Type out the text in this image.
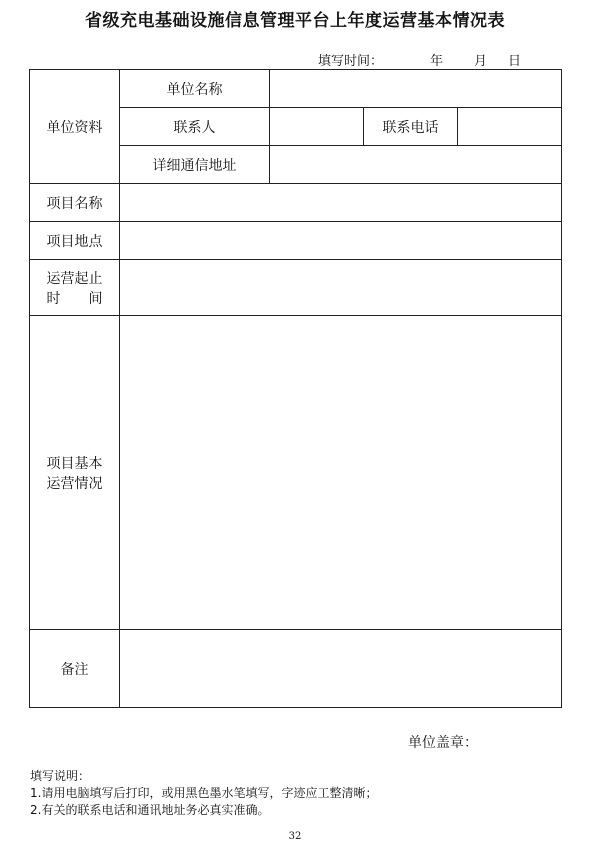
省级充电基础设施信息管理平台上年度运营基本情况表
填写时间：	年 月 日
单位资料	单位名称			
	联系人		联系电话	
	详细通信地址			
项目名称				
项目地点				

运营起止
时　　间				

项目基本
运营情况				

备注				
单位盖章：
填写说明：
1.请用电脑填写后打印，或用黑色墨水笔填写，字迹应工整清晰；
2.有关的联系电话和通讯地址务必真实准确。
32
